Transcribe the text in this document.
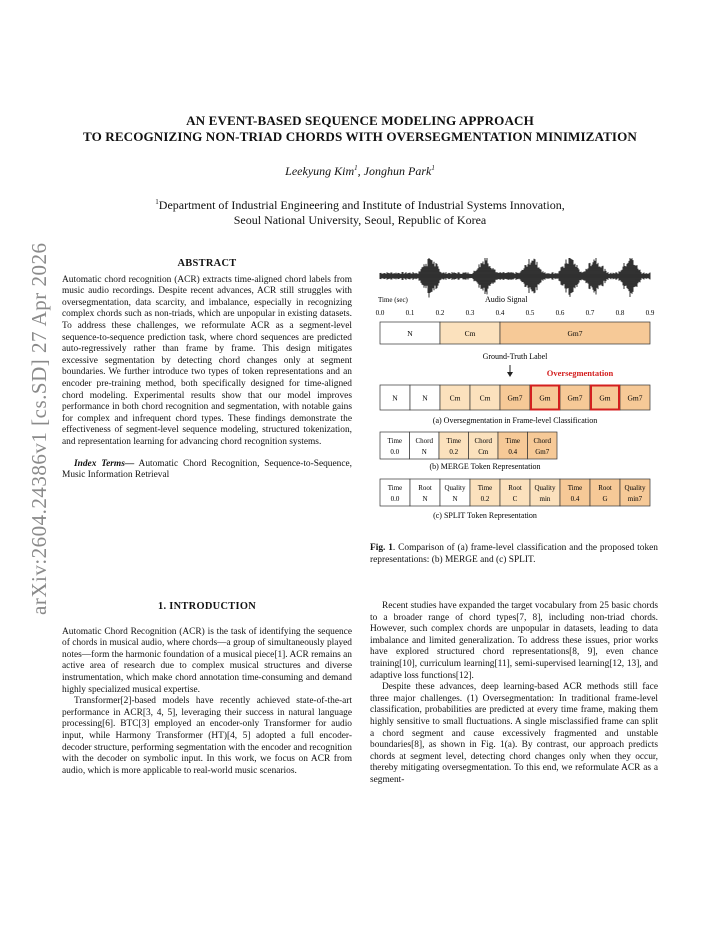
arXiv:2604.24386v1 [cs.SD] 27 Apr 2026
AN EVENT-BASED SEQUENCE MODELING APPROACH
TO RECOGNIZING NON-TRIAD CHORDS WITH OVERSEGMENTATION MINIMIZATION
Leekyung Kim$^1$, Jonghun Park$^1$
$^1$Department of Industrial Engineering and Institute of Industrial Systems Innovation,
Seoul National University, Seoul, Republic of Korea
ABSTRACT

Automatic chord recognition (ACR) extracts time-aligned chord labels from music audio recordings. Despite recent advances, ACR still struggles with oversegmentation, data scarcity, and imbalance, especially in recognizing complex chords such as non-triads, which are unpopular in existing datasets. To address these challenges, we reformulate ACR as a segment-level sequence-to-sequence prediction task, where chord sequences are predicted auto-regressively rather than frame by frame. This design mitigates excessive segmentation by detecting chord changes only at segment boundaries. We further introduce two types of token representations and an encoder pre-training method, both specifically designed for time-aligned chord modeling. Experimental results show that our model improves performance in both chord recognition and segmentation, with notable gains for complex and infrequent chord types. These findings demonstrate the effectiveness of segment-level sequence modeling, structured tokenization, and representation learning for advancing chord recognition systems.

Index Terms— Automatic Chord Recognition, Sequence-to-Sequence, Music Information Retrieval

1. INTRODUCTION

Automatic Chord Recognition (ACR) is the task of identifying the sequence of chords in musical audio, where chords—a group of simultaneously played notes—form the harmonic foundation of a musical piece[1]. ACR remains an active area of research due to complex musical structures and diverse instrumentation, which make chord annotation time-consuming and demand highly specialized musical expertise.

Transformer[2]-based models have recently achieved state-of-the-art performance in ACR[3, 4, 5], leveraging their success in natural language processing[6]. BTC[3] employed an encoder-only Transformer for audio input, while Harmony Transformer (HT)[4, 5] adopted a full encoder-decoder structure, performing segmentation with the encoder and recognition with the decoder on symbolic input. In this work, we focus on ACR from audio, which is more applicable to real-world music scenarios.

Recent studies have expanded the target vocabulary from 25 basic chords to a broader range of chord types[7, 8], including non-triad chords. However, such complex chords are unpopular in datasets, leading to data imbalance and limited generalization. To address these issues, prior works have explored structured chord representations[8, 9], even chance training[10], curriculum learning[11], semi-supervised learning[12, 13], and adaptive loss functions[12].

Despite these advances, deep learning-based ACR methods still face three major challenges. (1) Oversegmentation: In traditional frame-level classification, probabilities are predicted at every time frame, making them highly sensitive to small fluctuations. A single misclassified frame can split a chord segment and cause excessively fragmented and unstable boundaries[8], as shown in Fig. 1(a). By contrast, our approach predicts chords at segment level, detecting chord changes only when they occur, thereby mitigating oversegmentation. To this end, we reformulate ACR as a segment-

Time (sec)	Audio Signal
0.0	0.1	0.2	0.3	0.4	0.5	0.6	0.7	0.8	0.9
N	Cm	Gm7
Ground-Truth Label
Oversegmentation
N	N	Cm	Cm Gm7 Gm Gm7 Gm Gm7
(a) Oversegmentation in Frame-level Classification
Time
0.0
Chord
N
Time
0.2
Chord
Cm
Time
0.4
Chord
Gm7
(b) MERGE Token Representation
Time
0.0
Root
N
Quality
N
Time
0.2
Root
C
Quality
min
Time
0.4
Root
G
Quality
min7
(c) SPLIT Token Representation
Fig. 1. Comparison of (a) frame-level classification and the proposed token representations: (b) MERGE and (c) SPLIT.
